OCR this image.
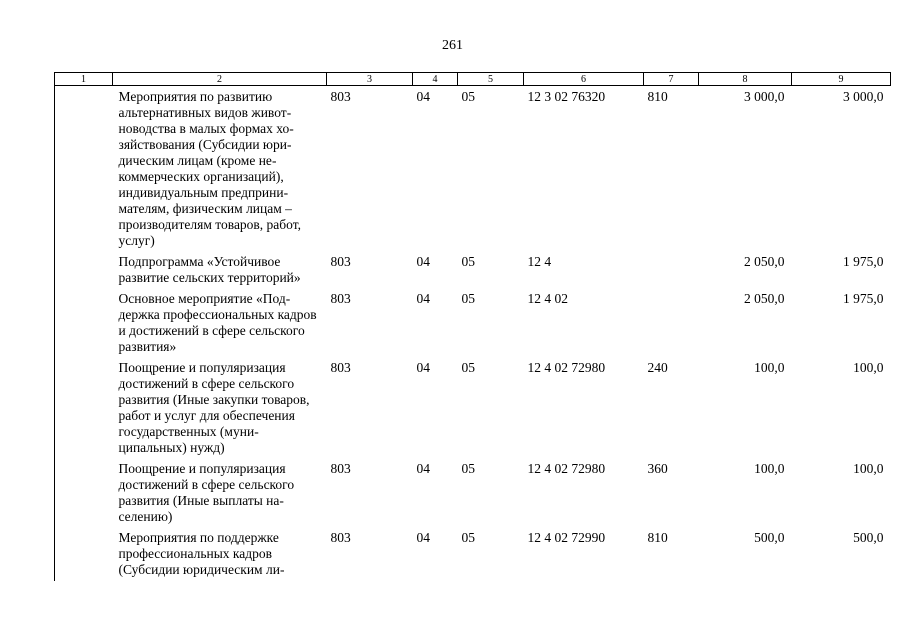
261
1	2	3	4	5	6	7	8	9
	Мероприятия по развитию альтернативных видов животноводства в малых формах хозяйствования (Субсидии юридическим лицам (кроме некоммерческих организаций), индивидуальным предпринимателям, физическим лицам – производителям товаров, работ, услуг)	803	04	05	12 3 02 76320	810	3 000,0	3 000,0
	Подпрограмма «Устойчивое развитие сельских территорий»	803	04	05	12 4		2 050,0	1 975,0
	Основное мероприятие «Поддержка профессиональных кадров и достижений в сфере сельского развития»	803	04	05	12 4 02		2 050,0	1 975,0
	Поощрение и популяризация достижений в сфере сельского развития (Иные закупки товаров, работ и услуг для обеспечения государственных (муниципальных) нужд)	803	04	05	12 4 02 72980	240	100,0	100,0
	Поощрение и популяризация достижений в сфере сельского развития (Иные выплаты населению)	803	04	05	12 4 02 72980	360	100,0	100,0
	Мероприятия по поддержке профессиональных кадров (Субсидии юридическим ли-	803	04	05	12 4 02 72990	810	500,0	500,0
